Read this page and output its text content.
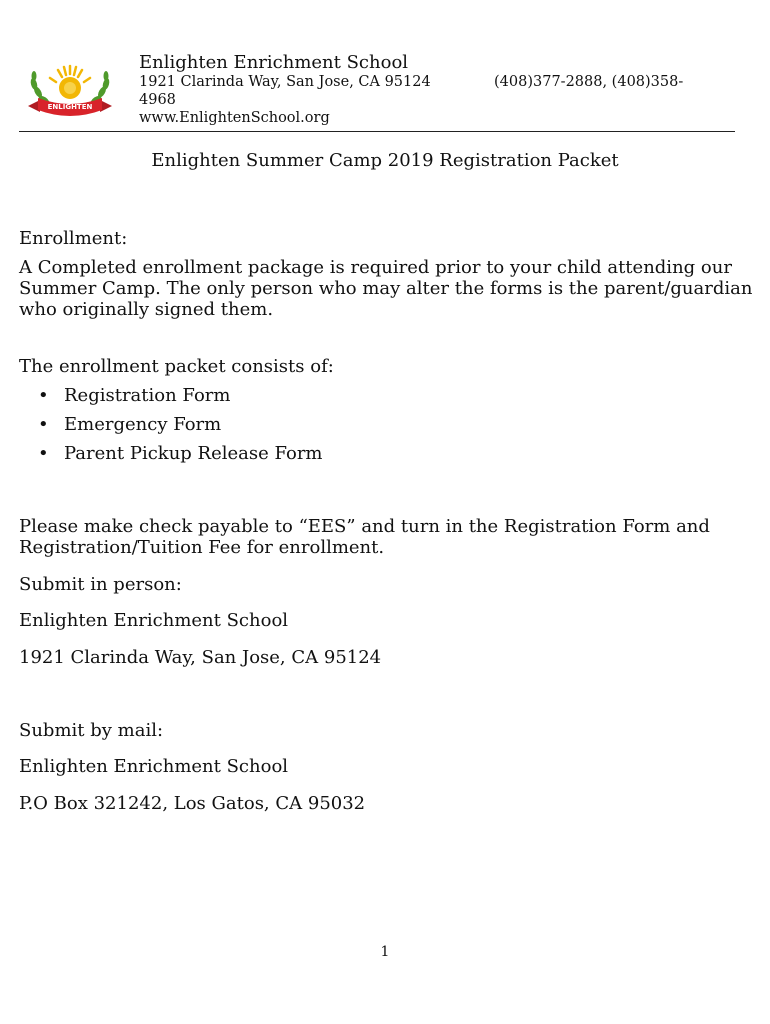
ENLIGHTEN
Enlighten Enrichment School
1921 Clarinda Way, San Jose, CA 95124	(408)377-2888, (408)358-
4968
www.EnlightenSchool.org
Enlighten Summer Camp 2019 Registration Packet
Enrollment:
A Completed enrollment package is required prior to your child attending our
Summer Camp. The only person who may alter the forms is the parent/guardian
who originally signed them.
The enrollment packet consists of:
• Registration Form
• Emergency Form
• Parent Pickup Release Form
Please make check payable to “EES” and turn in the Registration Form and
Registration/Tuition Fee for enrollment.
Submit in person:
Enlighten Enrichment School
1921 Clarinda Way, San Jose, CA 95124
Submit by mail:
Enlighten Enrichment School
P.O Box 321242, Los Gatos, CA 95032
1
